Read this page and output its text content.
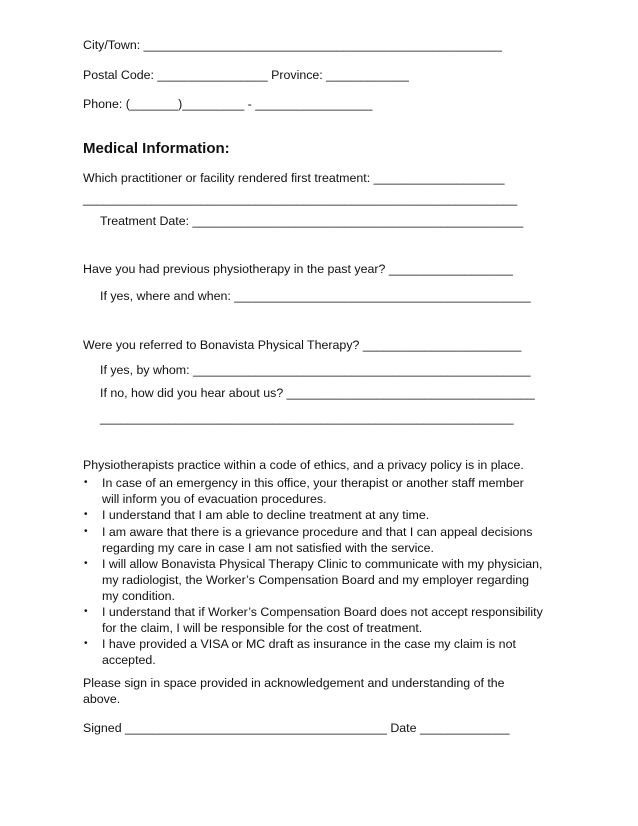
City/Town: ____________________________________________________
Postal Code: ________________ Province: ____________
Phone: (_______)_________ - _________________
Medical Information:
Which practitioner or facility rendered first treatment: ___________________
_______________________________________________________________
Treatment Date: ________________________________________________
Have you had previous physiotherapy in the past year? __________________
If yes, where and when: ___________________________________________
Were you referred to Bonavista Physical Therapy? _______________________
If yes, by whom: _________________________________________________
If no, how did you hear about us? ____________________________________
____________________________________________________________
Physiotherapists practice within a code of ethics, and a privacy policy is in place.
• In case of an emergency in this office, your therapist or another staff member
will inform you of evacuation procedures.
• I understand that I am able to decline treatment at any time.
• I am aware that there is a grievance procedure and that I can appeal decisions
regarding my care in case I am not satisfied with the service.
• I will allow Bonavista Physical Therapy Clinic to communicate with my physician,
my radiologist, the Worker’s Compensation Board and my employer regarding
my condition.
• I understand that if Worker’s Compensation Board does not accept responsibility
for the claim, I will be responsible for the cost of treatment.
• I have provided a VISA or MC draft as insurance in the case my claim is not
accepted.
Please sign in space provided in acknowledgement and understanding of the
above.
Signed ______________________________________ Date _____________
